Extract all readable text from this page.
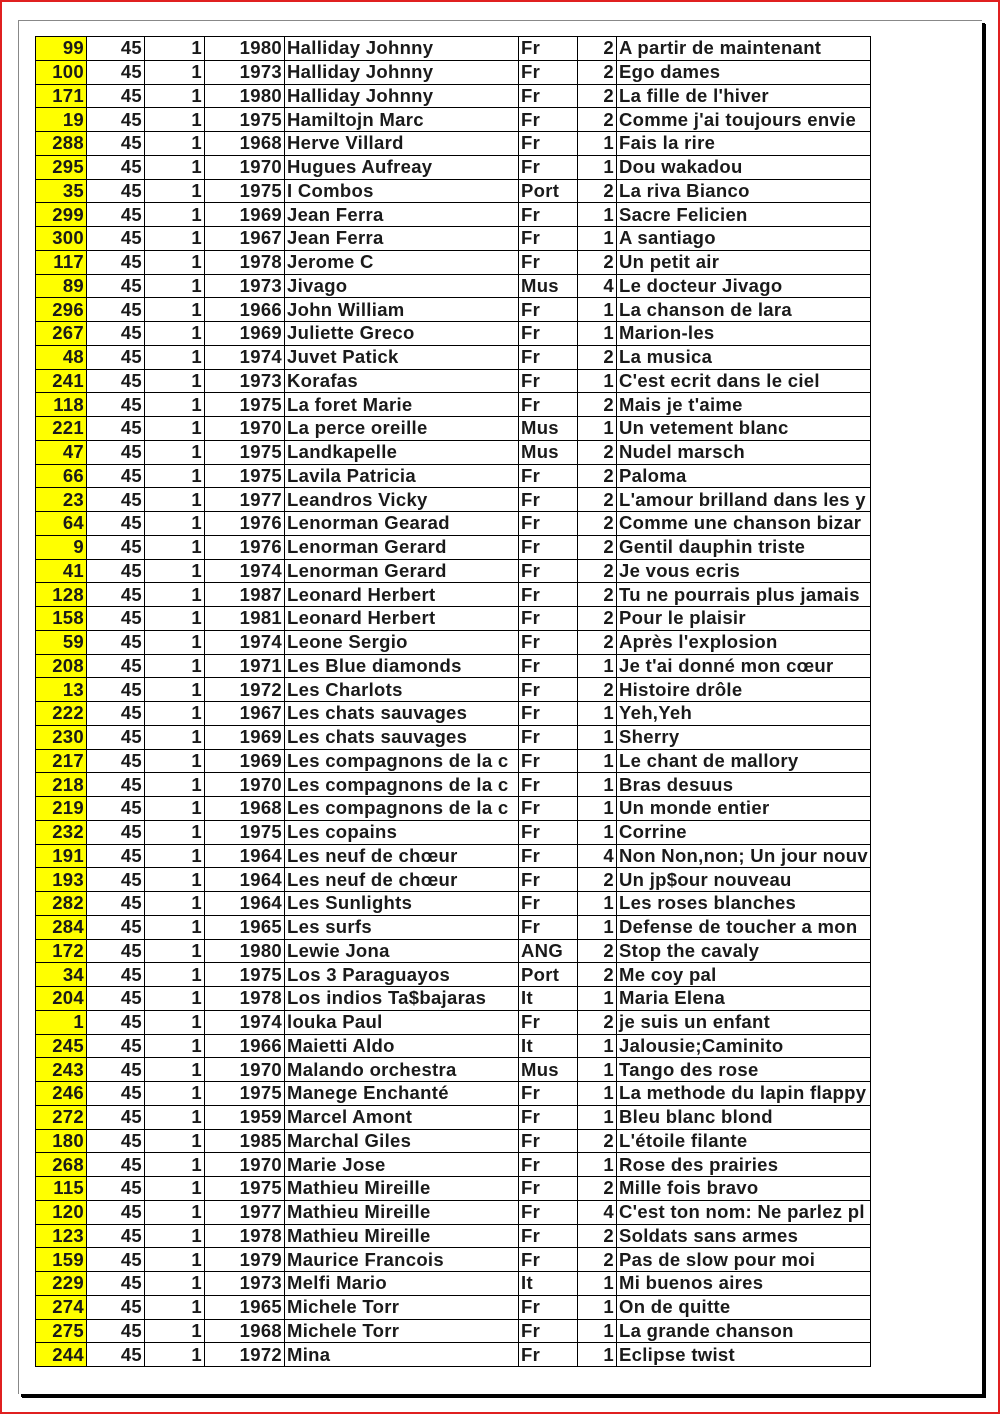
99	45	1	1980	Halliday Johnny	Fr	2	A partir de maintenant
100	45	1	1973	Halliday Johnny	Fr	2	Ego dames
171	45	1	1980	Halliday Johnny	Fr	2	La fille de l'hiver
19	45	1	1975	Hamiltojn Marc	Fr	2	Comme j'ai toujours envie
288	45	1	1968	Herve Villard	Fr	1	Fais la rire
295	45	1	1970	Hugues Aufreay	Fr	1	Dou wakadou
35	45	1	1975	I Combos	Port	2	La riva Bianco
299	45	1	1969	Jean Ferra	Fr	1	Sacre Felicien
300	45	1	1967	Jean Ferra	Fr	1	A santiago
117	45	1	1978	Jerome C	Fr	2	Un petit air
89	45	1	1973	Jivago	Mus	4	Le docteur Jivago
296	45	1	1966	John William	Fr	1	La chanson de lara
267	45	1	1969	Juliette Greco	Fr	1	Marion-les
48	45	1	1974	Juvet Patick	Fr	2	La musica
241	45	1	1973	Korafas	Fr	1	C'est ecrit dans le ciel
118	45	1	1975	La foret Marie	Fr	2	Mais je t'aime
221	45	1	1970	La perce oreille	Mus	1	Un vetement blanc
47	45	1	1975	Landkapelle	Mus	2	Nudel marsch
66	45	1	1975	Lavila Patricia	Fr	2	Paloma
23	45	1	1977	Leandros Vicky	Fr	2	L'amour brilland dans les y
64	45	1	1976	Lenorman Gearad	Fr	2	Comme une chanson bizar
9	45	1	1976	Lenorman Gerard	Fr	2	Gentil dauphin triste
41	45	1	1974	Lenorman Gerard	Fr	2	Je vous ecris
128	45	1	1987	Leonard Herbert	Fr	2	Tu ne pourrais plus jamais
158	45	1	1981	Leonard Herbert	Fr	2	Pour le plaisir
59	45	1	1974	Leone Sergio	Fr	2	Après l'explosion
208	45	1	1971	Les Blue diamonds	Fr	1	Je t'ai donné mon cœur
13	45	1	1972	Les Charlots	Fr	2	Histoire drôle
222	45	1	1967	Les chats sauvages	Fr	1	Yeh,Yeh
230	45	1	1969	Les chats sauvages	Fr	1	Sherry
217	45	1	1969	Les compagnons de la c	Fr	1	Le chant de mallory
218	45	1	1970	Les compagnons de la c	Fr	1	Bras desuus
219	45	1	1968	Les compagnons de la c	Fr	1	Un monde entier
232	45	1	1975	Les copains	Fr	1	Corrine
191	45	1	1964	Les neuf de chœur	Fr	4	Non Non,non; Un jour nouv
193	45	1	1964	Les neuf de chœur	Fr	2	Un jp$our nouveau
282	45	1	1964	Les Sunlights	Fr	1	Les roses blanches
284	45	1	1965	Les surfs	Fr	1	Defense de toucher a mon
172	45	1	1980	Lewie Jona	ANG	2	Stop the cavaly
34	45	1	1975	Los 3 Paraguayos	Port	2	Me coy pal
204	45	1	1978	Los indios Ta$bajaras	It	1	Maria Elena
1	45	1	1974	louka Paul	Fr	2	je suis un enfant
245	45	1	1966	Maietti Aldo	It	1	Jalousie;Caminito
243	45	1	1970	Malando orchestra	Mus	1	Tango des rose
246	45	1	1975	Manege Enchanté	Fr	1	La methode du lapin flappy
272	45	1	1959	Marcel Amont	Fr	1	Bleu blanc blond
180	45	1	1985	Marchal Giles	Fr	2	L'étoile filante
268	45	1	1970	Marie Jose	Fr	1	Rose des prairies
115	45	1	1975	Mathieu Mireille	Fr	2	Mille fois bravo
120	45	1	1977	Mathieu Mireille	Fr	4	C'est ton nom: Ne parlez pl
123	45	1	1978	Mathieu Mireille	Fr	2	Soldats sans armes
159	45	1	1979	Maurice Francois	Fr	2	Pas de slow pour moi
229	45	1	1973	Melfi Mario	It	1	Mi buenos aires
274	45	1	1965	Michele Torr	Fr	1	On de quitte
275	45	1	1968	Michele Torr	Fr	1	La grande chanson
244	45	1	1972	Mina	Fr	1	Eclipse twist
